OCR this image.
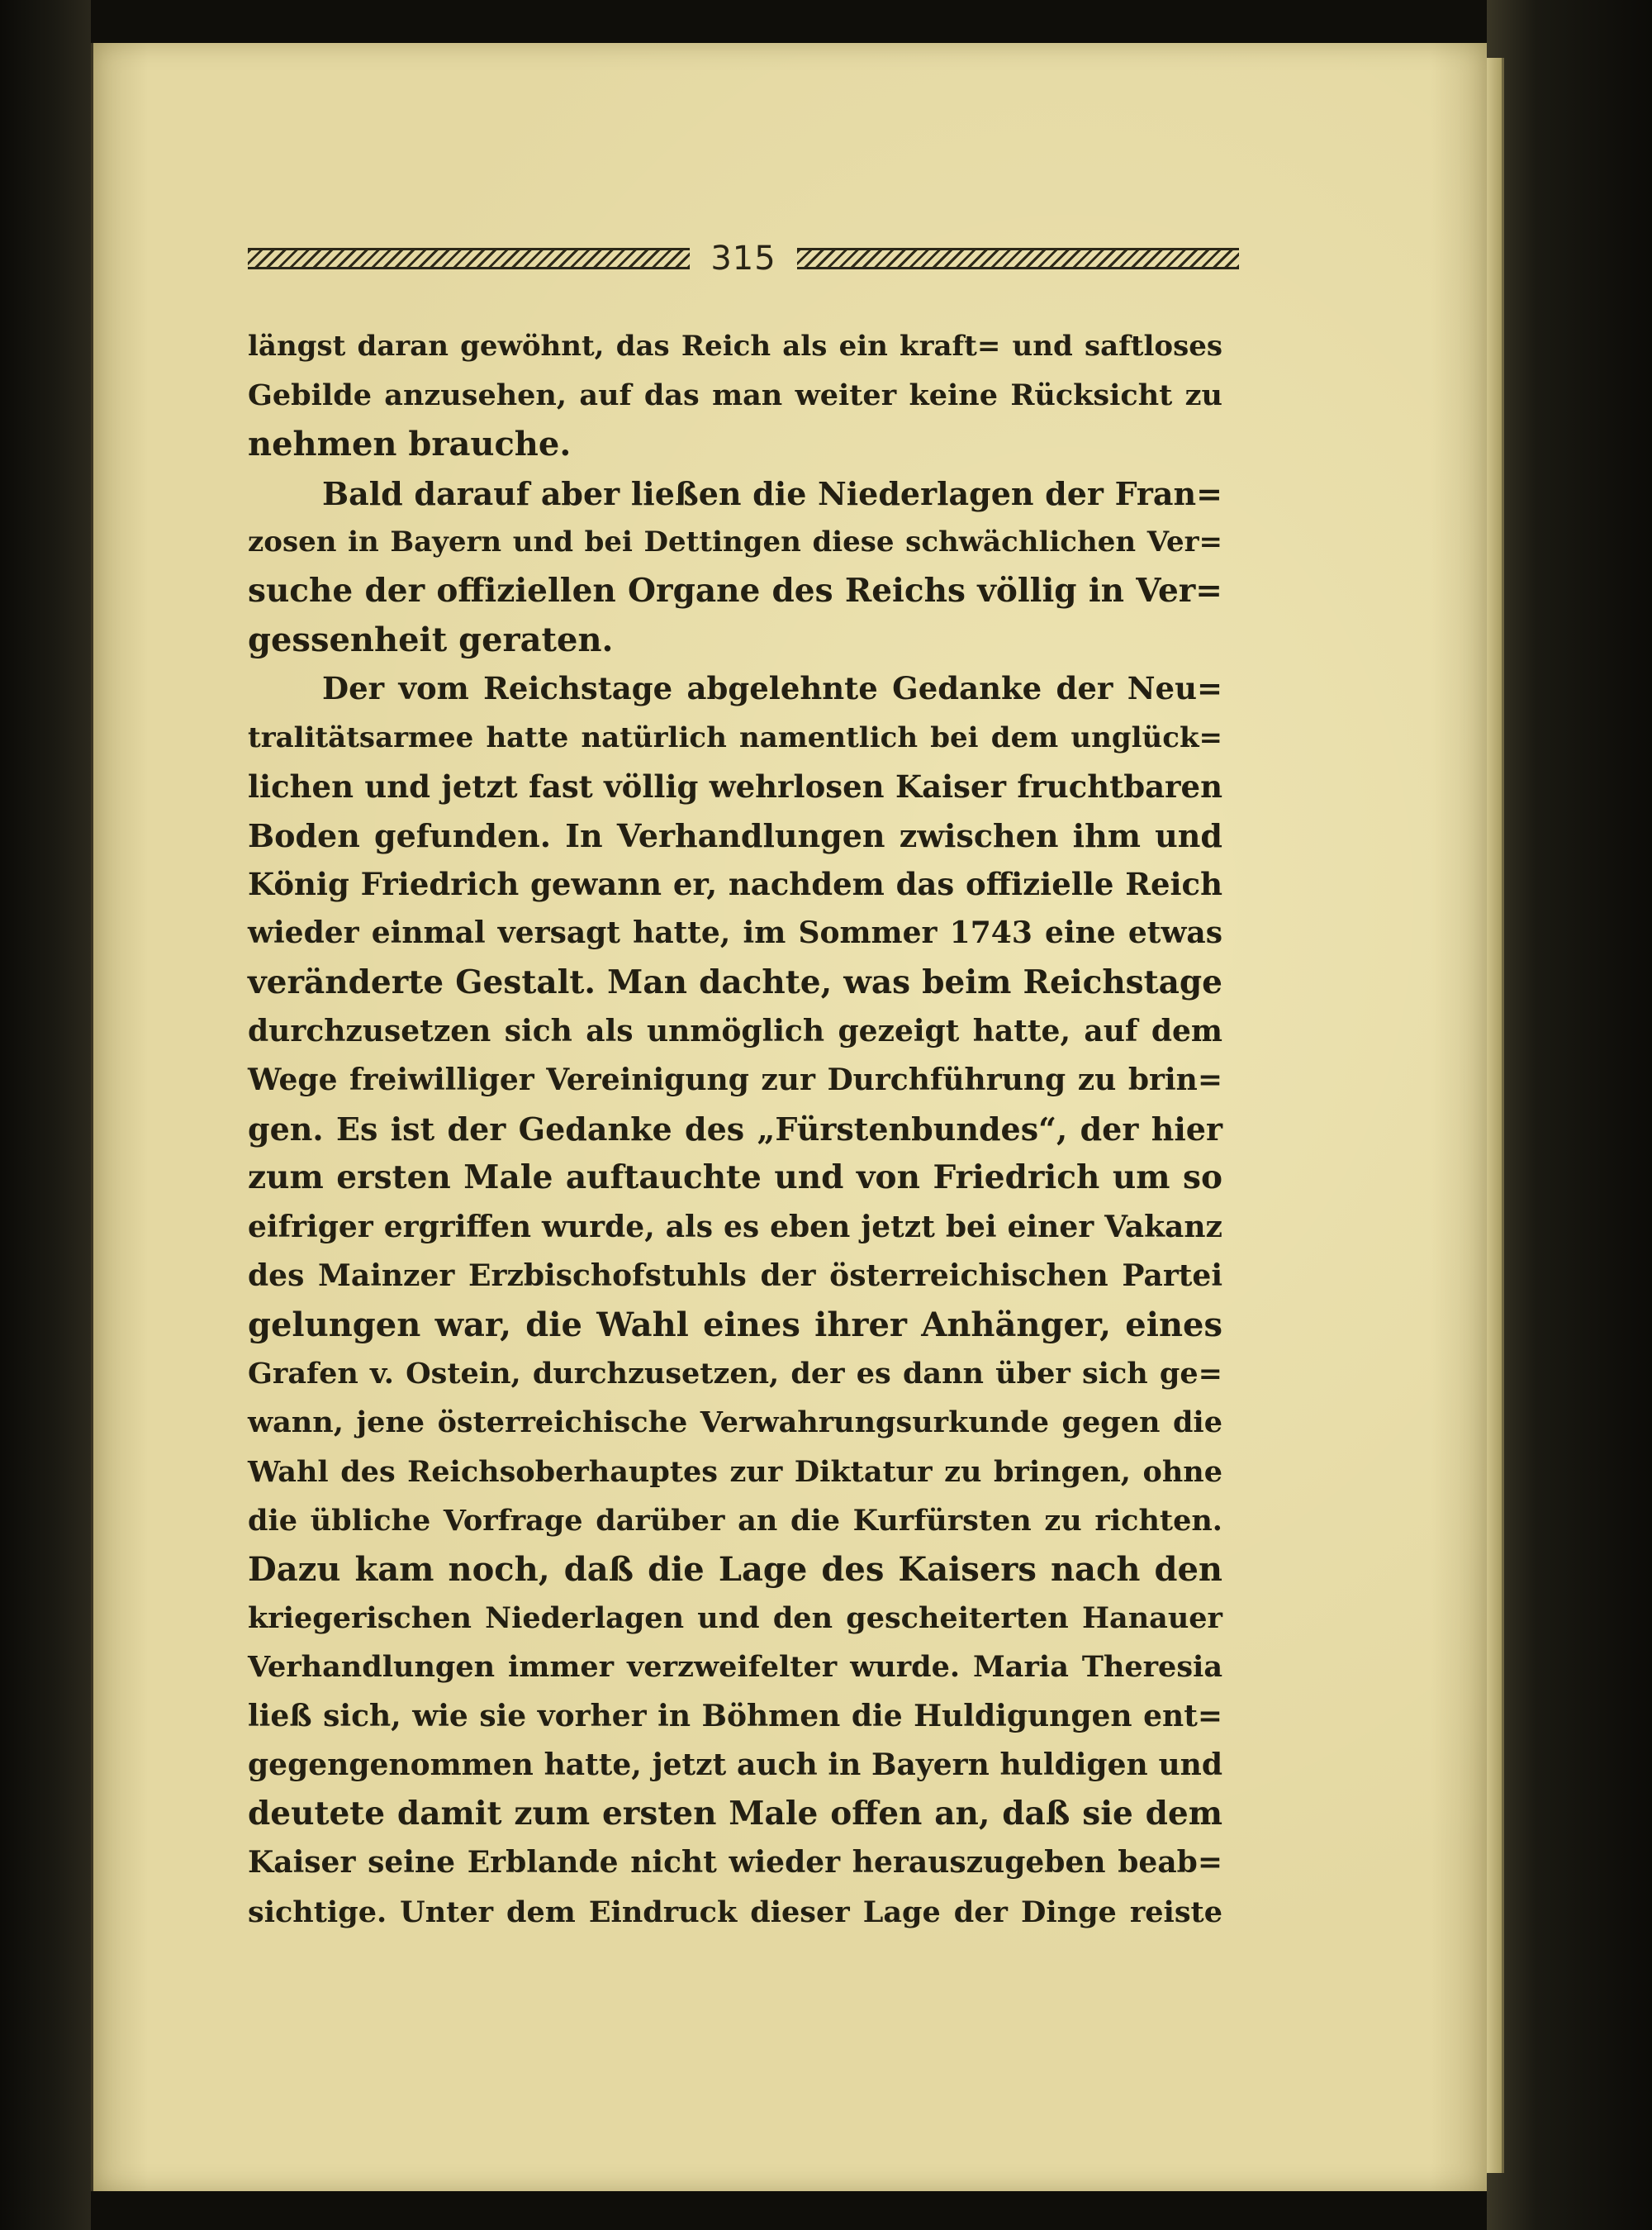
315
längst daran gewöhnt, das Reich als ein kraft= und saftloses
Gebilde anzusehen, auf das man weiter keine Rücksicht zu
nehmen brauche.
Bald darauf aber ließen die Niederlagen der Fran=
zosen in Bayern und bei Dettingen diese schwächlichen Ver=
suche der offiziellen Organe des Reichs völlig in Ver=
gessenheit geraten.
Der vom Reichstage abgelehnte Gedanke der Neu=
tralitätsarmee hatte natürlich namentlich bei dem unglück=
lichen und jetzt fast völlig wehrlosen Kaiser fruchtbaren
Boden gefunden. In Verhandlungen zwischen ihm und
König Friedrich gewann er, nachdem das offizielle Reich
wieder einmal versagt hatte, im Sommer 1743 eine etwas
veränderte Gestalt. Man dachte, was beim Reichstage
durchzusetzen sich als unmöglich gezeigt hatte, auf dem
Wege freiwilliger Vereinigung zur Durchführung zu brin=
gen. Es ist der Gedanke des „Fürstenbundes“, der hier
zum ersten Male auftauchte und von Friedrich um so
eifriger ergriffen wurde, als es eben jetzt bei einer Vakanz
des Mainzer Erzbischofstuhls der österreichischen Partei
gelungen war, die Wahl eines ihrer Anhänger, eines
Grafen v. Ostein, durchzusetzen, der es dann über sich ge=
wann, jene österreichische Verwahrungsurkunde gegen die
Wahl des Reichsoberhauptes zur Diktatur zu bringen, ohne
die übliche Vorfrage darüber an die Kurfürsten zu richten.
Dazu kam noch, daß die Lage des Kaisers nach den
kriegerischen Niederlagen und den gescheiterten Hanauer
Verhandlungen immer verzweifelter wurde. Maria Theresia
ließ sich, wie sie vorher in Böhmen die Huldigungen ent=
gegengenommen hatte, jetzt auch in Bayern huldigen und
deutete damit zum ersten Male offen an, daß sie dem
Kaiser seine Erblande nicht wieder herauszugeben beab=
sichtige. Unter dem Eindruck dieser Lage der Dinge reiste
